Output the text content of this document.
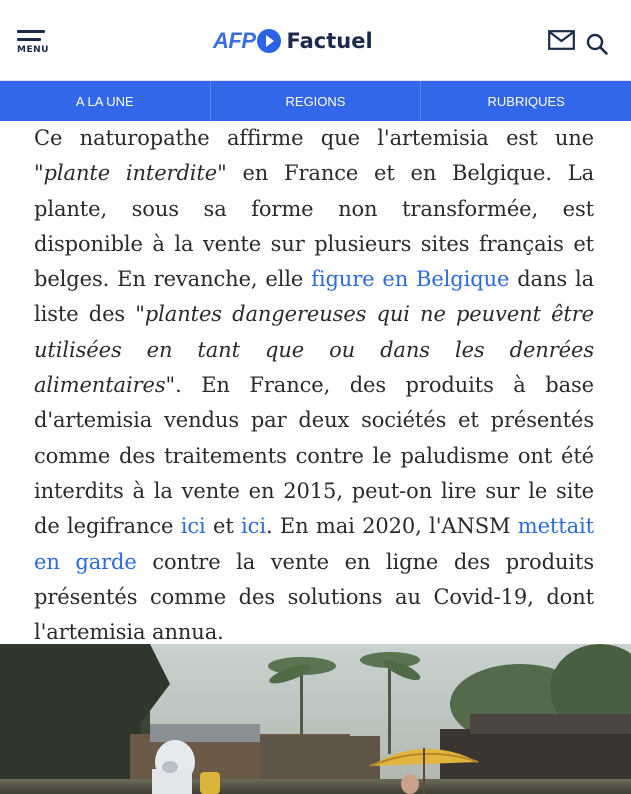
MENU	AFP Factuel
A LA UNE	REGIONS	RUBRIQUES

Ce naturopathe affirme que l'artemisia est une "plante interdite" en France et en Belgique. La plante, sous sa forme non transformée, est disponible à la vente sur plusieurs sites français et belges. En revanche, elle figure en Belgique dans la liste des "plantes dangereuses qui ne peuvent être utilisées en tant que ou dans les denrées alimentaires". En France, des produits à base d'artemisia vendus par deux sociétés et présentés comme des traitements contre le paludisme ont été interdits à la vente en 2015, peut-on lire sur le site de legifrance ici et ici. En mai 2020, l'ANSM mettait en garde contre la vente en ligne des produits présentés comme des solutions au Covid-19, dont l'artemisia annua.
